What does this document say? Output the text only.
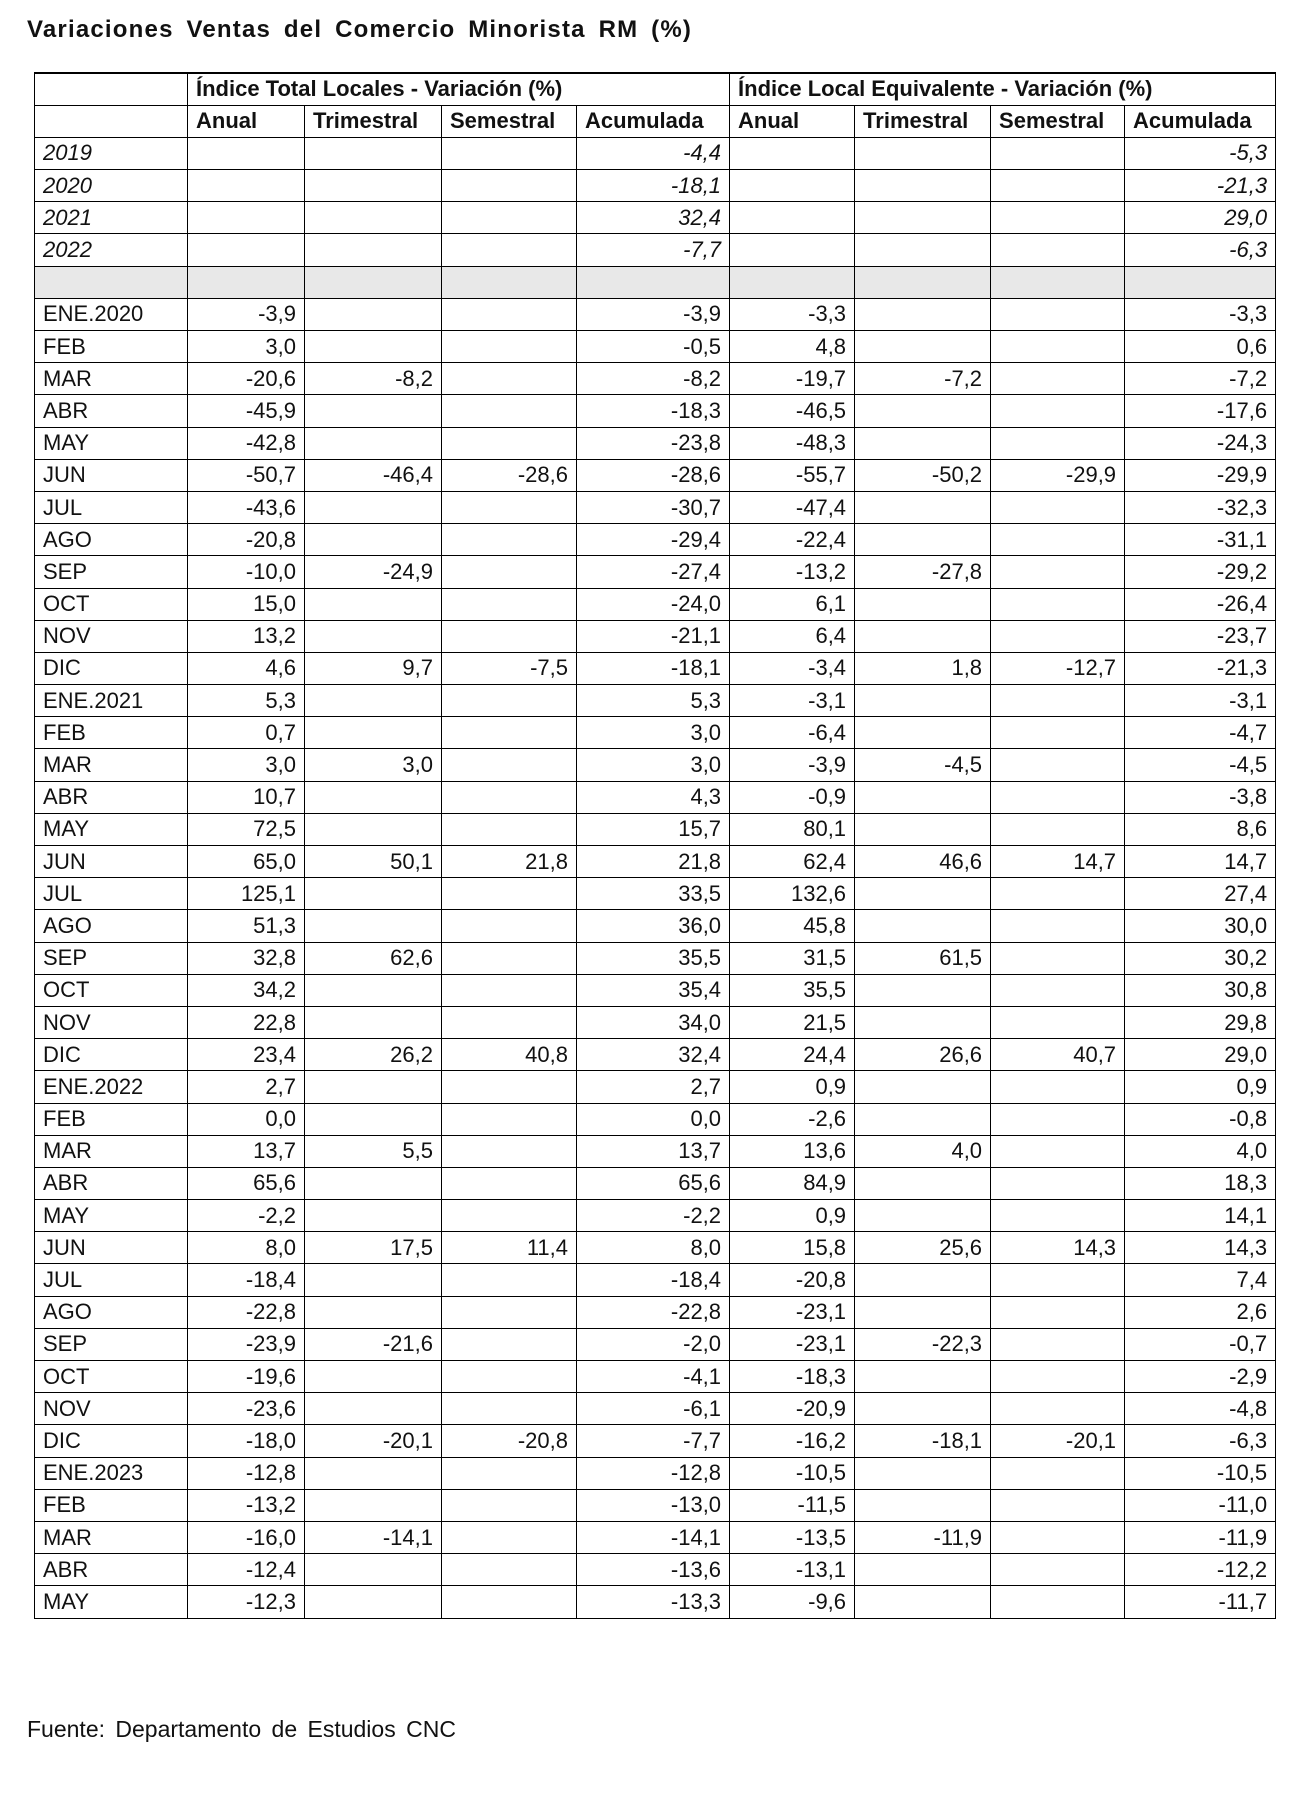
Variaciones Ventas del Comercio Minorista RM (%)
	Índice Total Locales - Variación (%)				Índice Local Equivalente - Variación (%)			
	Anual	Trimestral	Semestral	Acumulada	Anual	Trimestral	Semestral	Acumulada
2019				-4,4				-5,3
2020				-18,1				-21,3
2021				32,4				29,0
2022				-7,7				-6,3

ENE.2020	-3,9			-3,9	-3,3			-3,3
FEB	3,0			-0,5	4,8			0,6
MAR	-20,6	-8,2		-8,2	-19,7	-7,2		-7,2
ABR	-45,9			-18,3	-46,5			-17,6
MAY	-42,8			-23,8	-48,3			-24,3
JUN	-50,7	-46,4	-28,6	-28,6	-55,7	-50,2	-29,9	-29,9
JUL	-43,6			-30,7	-47,4			-32,3
AGO	-20,8			-29,4	-22,4			-31,1
SEP	-10,0	-24,9		-27,4	-13,2	-27,8		-29,2
OCT	15,0			-24,0	6,1			-26,4
NOV	13,2			-21,1	6,4			-23,7
DIC	4,6	9,7	-7,5	-18,1	-3,4	1,8	-12,7	-21,3
ENE.2021	5,3			5,3	-3,1			-3,1
FEB	0,7			3,0	-6,4			-4,7
MAR	3,0	3,0		3,0	-3,9	-4,5		-4,5
ABR	10,7			4,3	-0,9			-3,8
MAY	72,5			15,7	80,1			8,6
JUN	65,0	50,1	21,8	21,8	62,4	46,6	14,7	14,7
JUL	125,1			33,5	132,6			27,4
AGO	51,3			36,0	45,8			30,0
SEP	32,8	62,6		35,5	31,5	61,5		30,2
OCT	34,2			35,4	35,5			30,8
NOV	22,8			34,0	21,5			29,8
DIC	23,4	26,2	40,8	32,4	24,4	26,6	40,7	29,0
ENE.2022	2,7			2,7	0,9			0,9
FEB	0,0			0,0	-2,6			-0,8
MAR	13,7	5,5		13,7	13,6	4,0		4,0
ABR	65,6			65,6	84,9			18,3
MAY	-2,2			-2,2	0,9			14,1
JUN	8,0	17,5	11,4	8,0	15,8	25,6	14,3	14,3
JUL	-18,4			-18,4	-20,8			7,4
AGO	-22,8			-22,8	-23,1			2,6
SEP	-23,9	-21,6		-2,0	-23,1	-22,3		-0,7
OCT	-19,6			-4,1	-18,3			-2,9
NOV	-23,6			-6,1	-20,9			-4,8
DIC	-18,0	-20,1	-20,8	-7,7	-16,2	-18,1	-20,1	-6,3
ENE.2023	-12,8			-12,8	-10,5			-10,5
FEB	-13,2			-13,0	-11,5			-11,0
MAR	-16,0	-14,1		-14,1	-13,5	-11,9		-11,9
ABR	-12,4			-13,6	-13,1			-12,2
MAY	-12,3			-13,3	-9,6			-11,7
Fuente: Departamento de Estudios CNC
